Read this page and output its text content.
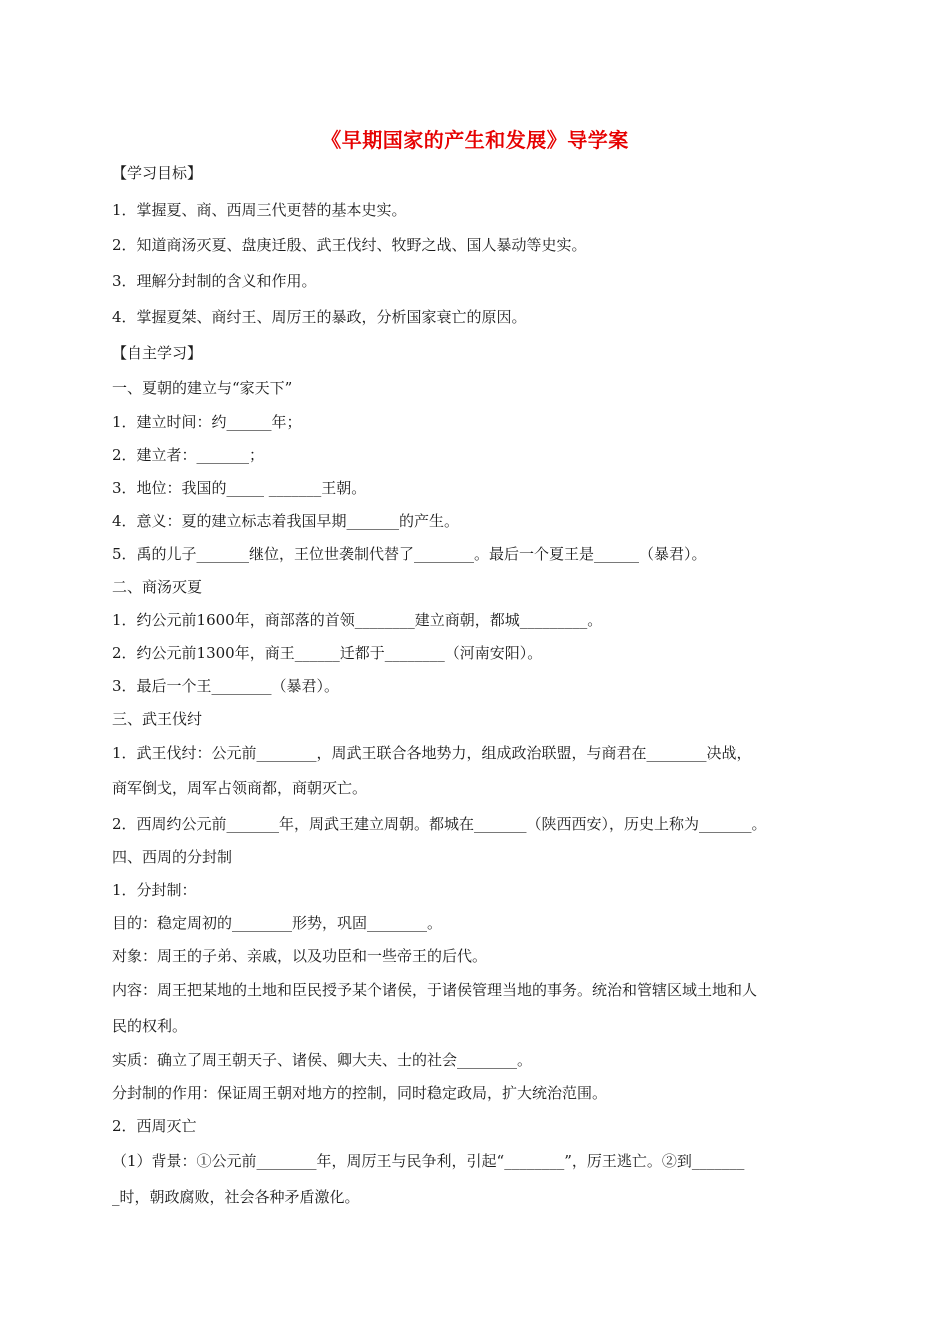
《早期国家的产生和发展》导学案
【学习目标】
1．掌握夏、商、西周三代更替的基本史实。
2．知道商汤灭夏、盘庚迁殷、武王伐纣、牧野之战、国人暴动等史实。
3．理解分封制的含义和作用。
4．掌握夏桀、商纣王、周厉王的暴政，分析国家衰亡的原因。
【自主学习】
一、夏朝的建立与“家天下”
1．建立时间：约______年；
2．建立者：_______；
3．地位：我国的_____ _______王朝。
4．意义：夏的建立标志着我国早期_______的产生。
5．禹的儿子_______继位，王位世袭制代替了________。最后一个夏王是______（暴君）。
二、商汤灭夏
1．约公元前1600年，商部落的首领________建立商朝，都城_________。
2．约公元前1300年，商王______迁都于________（河南安阳）。
3．最后一个王________（暴君）。
三、武王伐纣
1．武王伐纣：公元前________，周武王联合各地势力，组成政治联盟，与商君在________决战，
商军倒戈，周军占领商都，商朝灭亡。
2．西周约公元前_______年，周武王建立周朝。都城在_______（陕西西安），历史上称为_______。
四、西周的分封制
1．分封制：
目的：稳定周初的________形势，巩固________。
对象：周王的子弟、亲戚，以及功臣和一些帝王的后代。
内容：周王把某地的土地和臣民授予某个诸侯，于诸侯管理当地的事务。统治和管辖区域土地和人
民的权利。
实质：确立了周王朝天子、诸侯、卿大夫、士的社会________。
分封制的作用：保证周王朝对地方的控制，同时稳定政局，扩大统治范围。
2．西周灭亡
（1）背景：①公元前________年，周厉王与民争利，引起“________”，厉王逃亡。②到_______
_时，朝政腐败，社会各种矛盾激化。
